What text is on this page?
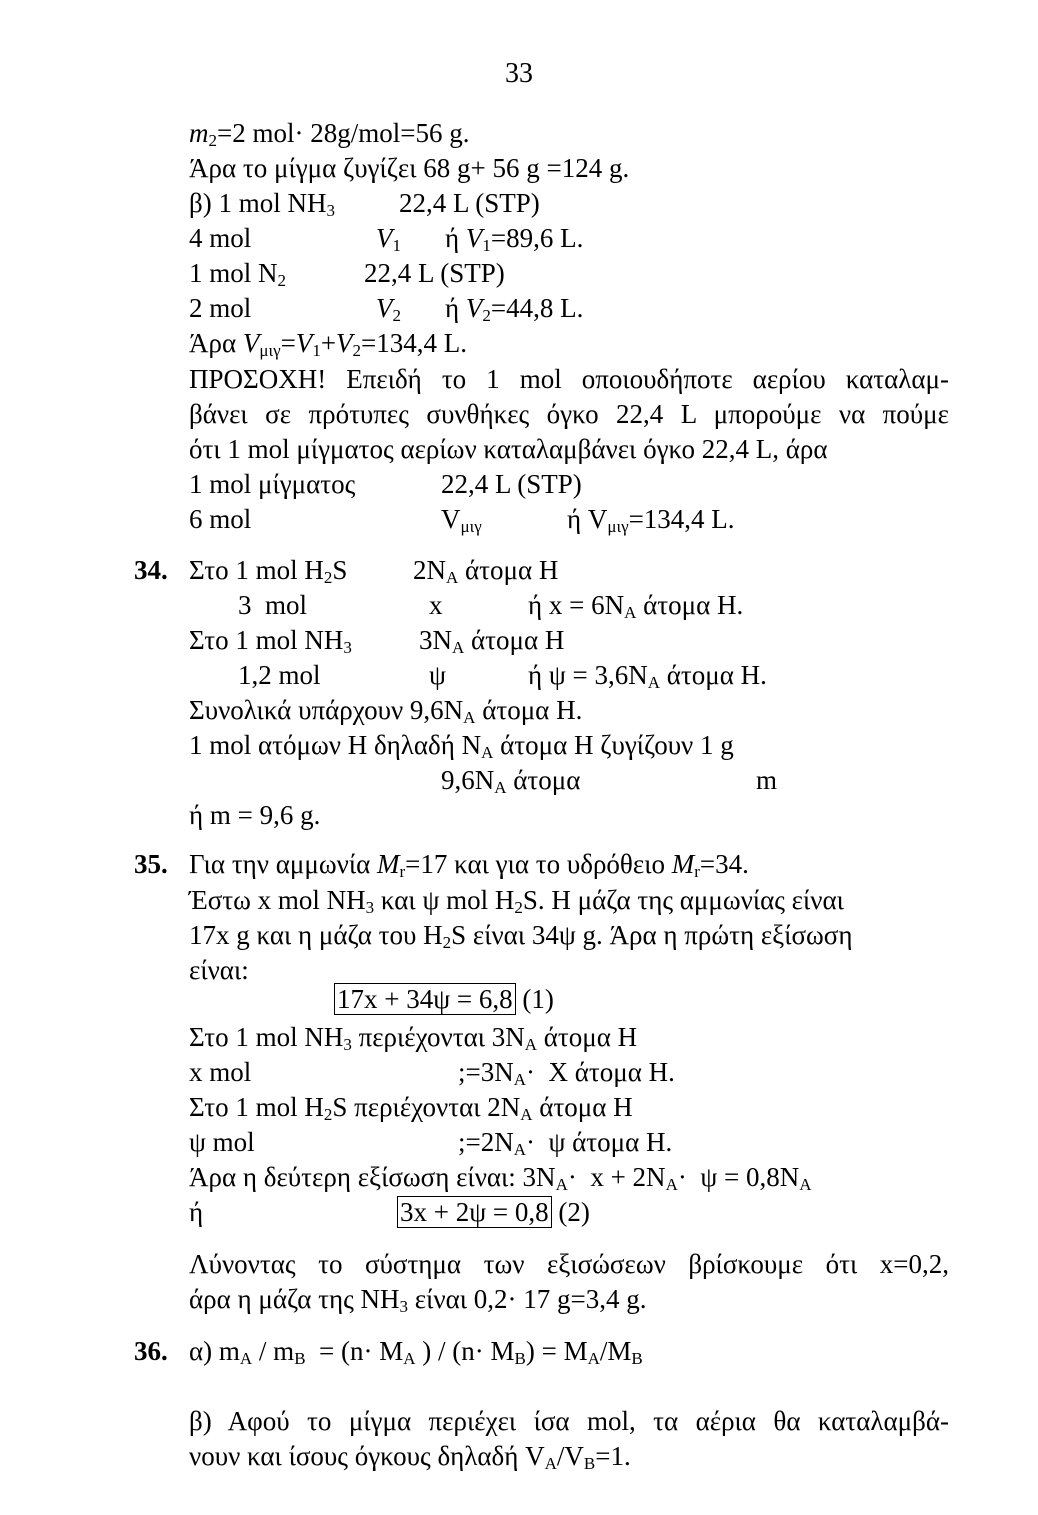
33
$m_2=2$ mol· 28g/mol=56 g.
Άρα το μίγμα ζυγίζει 68 g+ 56 g =124 g.
β) 1 mol $NH_3$ 22,4 L (STP)
4 mol	$V_1$ ή $V_1=89,6$ L.
1 mol $N_2$	22,4 L (STP)
2 mol	$V_2$ ή $V_2=44,8$ L.
Άρα $V_{\mu\iota\gamma}=V_1+V_2=134,4$ L.
ΠΡΟΣΟΧΗ! Επειδή το 1 mol οποιουδήποτε αερίου καταλαμ-
βάνει σε πρότυπες συνθήκες όγκο 22,4 L μπορούμε να πούμε
ότι 1 mol μίγματος αερίων καταλαμβάνει όγκο 22,4 L, άρα
1 mol μίγματος	22,4 L (STP)
6 mol	$V_{\mu\iota\gamma}$	ή $V_{\mu\iota\gamma}=134,4$ L.
34. Στο 1 mol $H_2S$ $2N_A$ άτομα H
3  mol	x	ή $x = 6N_A$ άτομα H.
Στο 1 mol $NH_3$ $3N_A$ άτομα H
1,2 mol	ψ	ή $\psi = 3,6N_A$ άτομα H.
Συνολικά υπάρχουν $9,6N_A$ άτομα H.
1 mol ατόμων H δηλαδή $N_A$ άτομα H ζυγίζουν 1 g
$9,6N_A$ άτομα	m
ή m = 9,6 g.
35. Για την αμμωνία $M_r=17$ και για το υδρόθειο $M_r=34$.
Έστω x mol $NH_3$ και ψ mol $H_2S$. H μάζα της αμμωνίας είναι
17x g και η μάζα του $H_2S$ είναι 34ψ g. Άρα η πρώτη εξίσωση
είναι:
17x + 34ψ = 6,8 (1)
Στο 1 mol $NH_3$ περιέχονται $3N_A$ άτομα H
x mol	$;=3N_A\cdot X$ άτομα H.
Στο 1 mol $H_2S$ περιέχονται $2N_A$ άτομα H
ψ mol	$;=2N_A\cdot \psi$ άτομα H.
Άρα η δεύτερη εξίσωση είναι: $3N_A\cdot x + 2N_A\cdot \psi = 0,8N_A$
ή	3x + 2ψ = 0,8 (2)
Λύνοντας το σύστημα των εξισώσεων βρίσκουμε ότι x=0,2,
άρα η μάζα της $NH_3$ είναι 0,2· 17 g=3,4 g.
36. α) $m_A / m_B = (n\cdot M_A$ ) / $(n\cdot M_B) = M_A/M_B$
β) Αφού το μίγμα περιέχει ίσα mol, τα αέρια θα καταλαμβά-
νουν και ίσους όγκους δηλαδή $V_A/V_B=1$.
